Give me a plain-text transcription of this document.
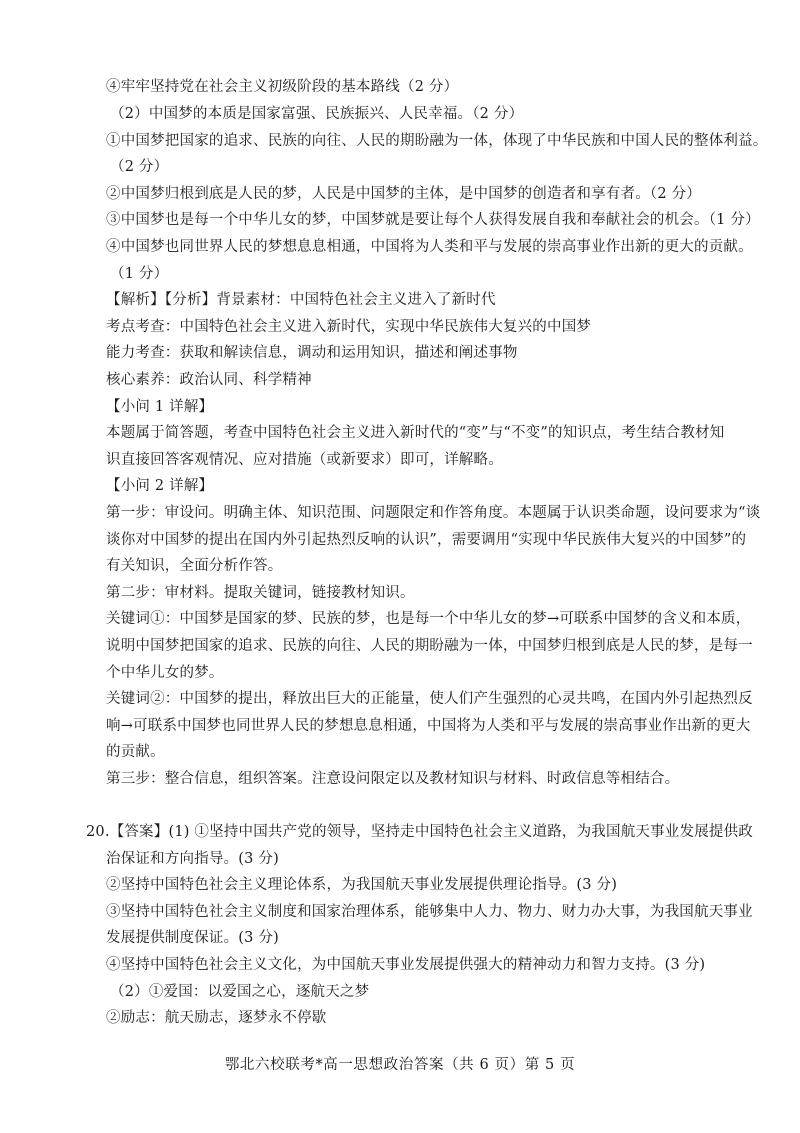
④牢牢坚持党在社会主义初级阶段的基本路线（2 分）
（2）中国梦的本质是国家富强、民族振兴、人民幸福。（2 分）
①中国梦把国家的追求、民族的向往、人民的期盼融为一体，体现了中华民族和中国人民的整体利益。
（2 分）
②中国梦归根到底是人民的梦，人民是中国梦的主体，是中国梦的创造者和享有者。（2 分）
③中国梦也是每一个中华儿女的梦，中国梦就是要让每个人获得发展自我和奉献社会的机会。（1 分）
④中国梦也同世界人民的梦想息息相通，中国将为人类和平与发展的崇高事业作出新的更大的贡献。
（1 分）
【解析】【分析】背景素材：中国特色社会主义进入了新时代
考点考查：中国特色社会主义进入新时代，实现中华民族伟大复兴的中国梦
能力考查：获取和解读信息，调动和运用知识，描述和阐述事物
核心素养：政治认同、科学精神
【小问 1 详解】
本题属于简答题，考查中国特色社会主义进入新时代的“变”与“不变”的知识点，考生结合教材知
识直接回答客观情况、应对措施（或新要求）即可，详解略。
【小问 2 详解】
第一步：审设问。明确主体、知识范围、问题限定和作答角度。本题属于认识类命题，设问要求为“谈
谈你对中国梦的提出在国内外引起热烈反响的认识”，需要调用“实现中华民族伟大复兴的中国梦”的
有关知识，全面分析作答。
第二步：审材料。提取关键词，链接教材知识。
关键词①：中国梦是国家的梦、民族的梦，也是每一个中华儿女的梦→可联系中国梦的含义和本质，
说明中国梦把国家的追求、民族的向往、人民的期盼融为一体，中国梦归根到底是人民的梦，是每一
个中华儿女的梦。
关键词②：中国梦的提出，释放出巨大的正能量，使人们产生强烈的心灵共鸣，在国内外引起热烈反
响→可联系中国梦也同世界人民的梦想息息相通，中国将为人类和平与发展的崇高事业作出新的更大
的贡献。
第三步：整合信息，组织答案。注意设问限定以及教材知识与材料、时政信息等相结合。
20.【答案】(1) ①坚持中国共产党的领导，坚持走中国特色社会主义道路，为我国航天事业发展提供政
治保证和方向指导。(3 分)
②坚持中国特色社会主义理论体系，为我国航天事业发展提供理论指导。(3 分)
③坚持中国特色社会主义制度和国家治理体系，能够集中人力、物力、财力办大事，为我国航天事业
发展提供制度保证。(3 分)
④坚持中国特色社会主义文化，为中国航天事业发展提供强大的精神动力和智力支持。(3 分)
（2）①爱国：以爱国之心，逐航天之梦
②励志：航天励志，逐梦永不停歇
鄂北六校联考*高一思想政治答案（共 6 页）第 5 页
